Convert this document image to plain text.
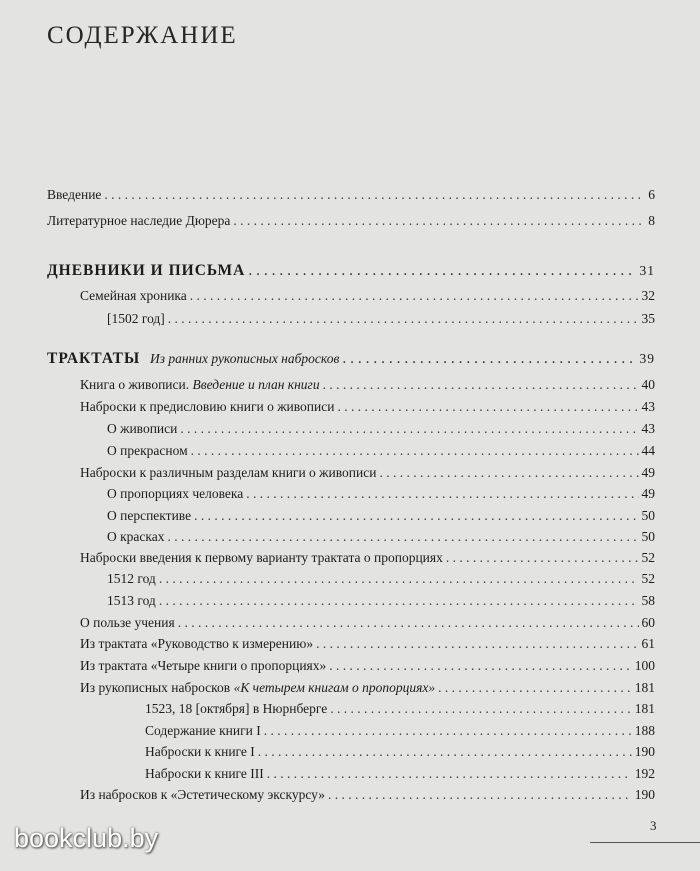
СОДЕРЖАНИЕ
Введение . . .	6
Литературное наследие Дюрера . . .	8
ДНЕВНИКИ И ПИСЬМА . . .	31
Семейная хроника . . .	32
[1502 год] . . .	35
ТРАКТАТЫ Из ранних рукописных набросков . . .	39
Книга о живописи. Введение и план книги . . .	40
Наброски к предисловию книги о живописи . . .	43
О живописи . . .	43
О прекрасном . . .	44
Наброски к различным разделам книги о живописи . . .	49
О пропорциях человека . . .	49
О перспективе . . .	50
О красках . . .	50
Наброски введения к первому варианту трактата о пропорциях . . .	52
1512 год . . .	52
1513 год . . .	58
О пользе учения . . .	60
Из трактата «Руководство к измерению» . . .	61
Из трактата «Четыре книги о пропорциях» . . .	100
Из рукописных набросков «К четырем книгам о пропорциях» . . .	181
1523, 18 [октября] в Нюрнберге . . .	181
Содержание книги I . . .	188
Наброски к книге I . . .	190
Наброски к книге III . . .	192
Из набросков к «Эстетическому экскурсу» . . .	190
bookclub.by	3
